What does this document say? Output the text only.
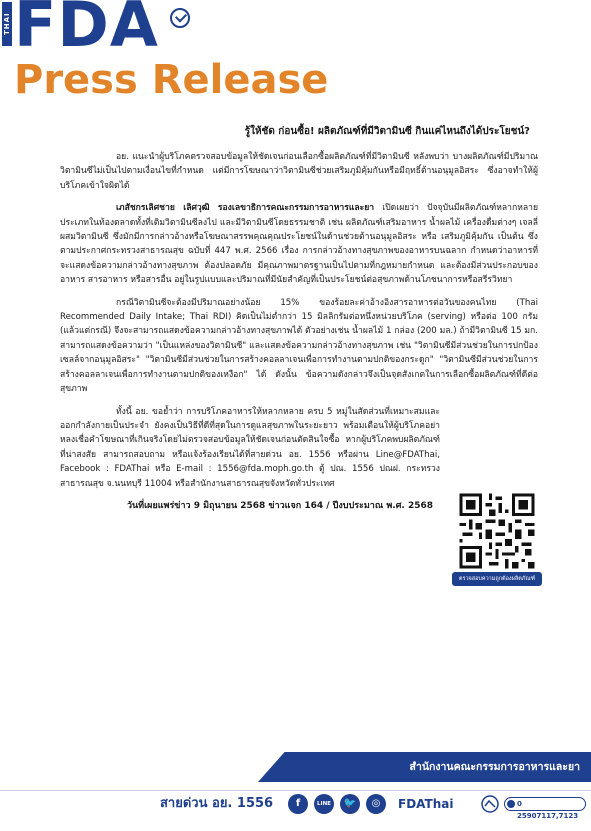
THAI FDA
Press Release
รู้ให้ชัด ก่อนซื้อ! ผลิตภัณฑ์ที่มีวิตามินซี กินแค่ไหนถึงได้ประโยชน์?

อย. แนะนำผู้บริโภคตรวจสอบข้อมูลให้ชัดเจนก่อนเลือกซื้อผลิตภัณฑ์ที่มีวิตามินซี หลังพบว่า บางผลิตภัณฑ์มีปริมาณวิตามินซีไม่เป็นไปตามเงื่อนไขที่กำหนด แต่มีการโฆษณาว่าวิตามินซีช่วยเสริมภูมิคุ้มกันหรือมีฤทธิ์ต้านอนุมูลอิสระ ซึ่งอาจทำให้ผู้บริโภคเข้าใจผิดได้

เภสัชกรเลิศชาย เลิศวุฒิ รองเลขาธิการคณะกรรมการอาหารและยา เปิดเผยว่า ปัจจุบันมีผลิตภัณฑ์หลากหลายประเภทในท้องตลาดทั้งที่เติมวิตามินซีลงไป และมีวิตามินซีโดยธรรมชาติ เช่น ผลิตภัณฑ์เสริมอาหาร น้ำผลไม้ เครื่องดื่มต่างๆ เจลลี่ผสมวิตามินซี ซึ่งมักมีการกล่าวอ้างหรือโฆษณาสรรพคุณคุณประโยชน์ในด้านช่วยต้านอนุมูลอิสระ หรือ เสริมภูมิคุ้มกัน เป็นต้น ซึ่งตามประกาศกระทรวงสาธารณสุข ฉบับที่ 447 พ.ศ. 2566 เรื่อง การกล่าวอ้างทางสุขภาพของอาหารบนฉลาก กำหนดว่าอาหารที่จะแสดงข้อความกล่าวอ้างทางสุขภาพ ต้องปลอดภัย มีคุณภาพมาตรฐานเป็นไปตามที่กฎหมายกำหนด และต้องมีส่วนประกอบของอาหาร สารอาหาร หรือสารอื่น อยู่ในรูปแบบและปริมาณที่มีนัยสำคัญที่เป็นประโยชน์ต่อสุขภาพด้านโภชนาการหรือสรีรวิทยา

กรณีวิตามินซีจะต้องมีปริมาณอย่างน้อย 15% ของร้อยละค่าอ้างอิงสารอาหารต่อวันของคนไทย (Thai Recommended Daily Intake; Thai RDI) คิดเป็นไม่ต่ำกว่า 15 มิลลิกรัมต่อหนึ่งหน่วยบริโภค (serving) หรือต่อ 100 กรัม (แล้วแต่กรณี) จึงจะสามารถแสดงข้อความกล่าวอ้างทางสุขภาพได้ ตัวอย่างเช่น น้ำผลไม้ 1 กล่อง (200 มล.) ถ้ามีวิตามินซี 15 มก. สามารถแสดงข้อความว่า "เป็นแหล่งของวิตามินซี" และแสดงข้อความกล่าวอ้างทางสุขภาพ เช่น "วิตามินซีมีส่วนช่วยในการปกป้องเซลล์จากอนุมูลอิสระ" "วิตามินซีมีส่วนช่วยในการสร้างคอลลาเจนเพื่อการทำงานตามปกติของกระดูก" "วิตามินซีมีส่วนช่วยในการสร้างคอลลาเจนเพื่อการทำงานตามปกติของเหงือก" ได้ ดังนั้น ข้อความดังกล่าวจึงเป็นจุดสังเกตในการเลือกซื้อผลิตภัณฑ์ที่ดีต่อสุขภาพ

ทั้งนี้ อย. ขอย้ำว่า การบริโภคอาหารให้หลากหลาย ครบ 5 หมู่ในสัดส่วนที่เหมาะสมและออกกำลังกายเป็นประจำ ยังคงเป็นวิธีที่ดีที่สุดในการดูแลสุขภาพในระยะยาว พร้อมเตือนให้ผู้บริโภคอย่าหลงเชื่อคำโฆษณาที่เกินจริงโดยไม่ตรวจสอบข้อมูลให้ชัดเจนก่อนตัดสินใจซื้อ หากผู้บริโภคพบผลิตภัณฑ์ที่น่าสงสัย สามารถสอบถาม หรือแจ้งร้องเรียนได้ที่สายด่วน อย. 1556 หรือผ่าน Line@FDAThai, Facebook : FDAThai หรือ E-mail : 1556@fda.moph.go.th ตู้ ปณ. 1556 ปณฝ. กระทรวงสาธารณสุข จ.นนทบุรี 11004 หรือสำนักงานสาธารณสุขจังหวัดทั่วประเทศ

วันที่เผยแพร่ข่าว 9 มิถุนายน 2568 ข่าวแจก 164 / ปีงบประมาณ พ.ศ. 2568
ตรวจสอบความถูกต้องผลิตภัณฑ์
สำนักงานคณะกรรมการอาหารและยา
สายด่วน อย. 1556	f	LINE	🐦	◎	FDAThai	0 25907117,7123
